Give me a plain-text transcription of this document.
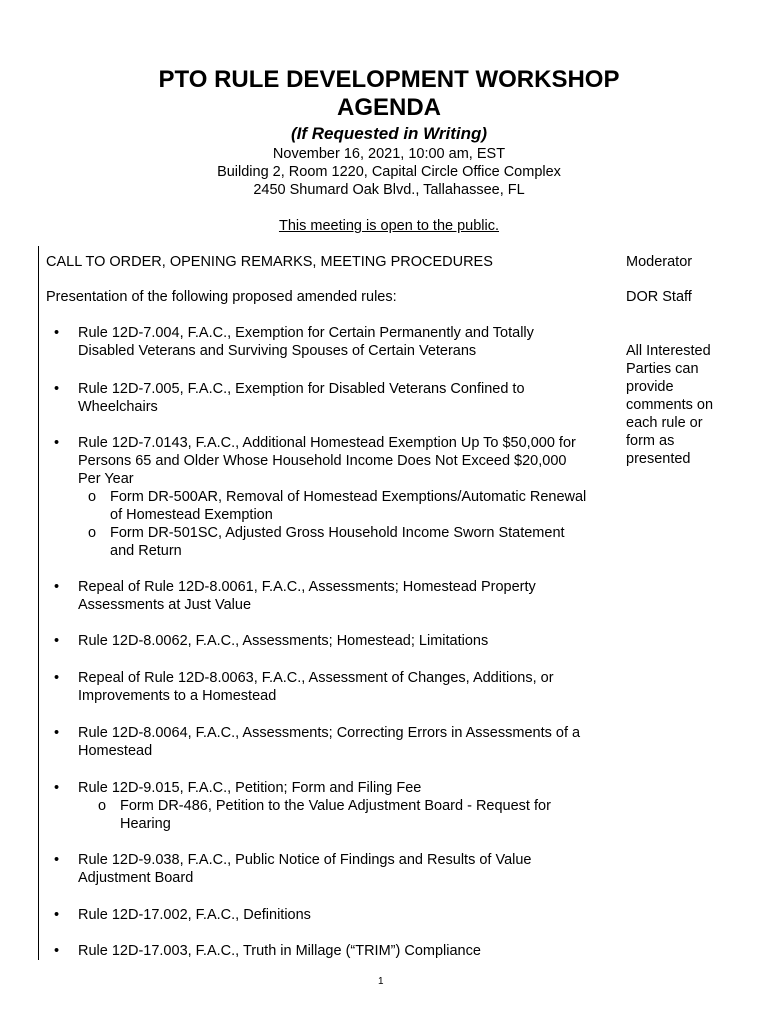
PTO RULE DEVELOPMENT WORKSHOP
AGENDA
(If Requested in Writing)
November 16, 2021, 10:00 am, EST
Building 2, Room 1220, Capital Circle Office Complex
2450 Shumard Oak Blvd., Tallahassee, FL
This meeting is open to the public.
CALL TO ORDER, OPENING REMARKS, MEETING PROCEDURES	Moderator
Presentation of the following proposed amended rules:	DOR Staff
All Interested
Parties can
provide
comments on
each rule or
form as
presented
•	Rule 12D-7.004, F.A.C., Exemption for Certain Permanently and Totally
Disabled Veterans and Surviving Spouses of Certain Veterans
•	Rule 12D-7.005, F.A.C., Exemption for Disabled Veterans Confined to
Wheelchairs
•	Rule 12D-7.0143, F.A.C., Additional Homestead Exemption Up To $50,000 for
Persons 65 and Older Whose Household Income Does Not Exceed $20,000
Per Year
o Form DR-500AR, Removal of Homestead Exemptions/Automatic Renewal
of Homestead Exemption
o Form DR-501SC, Adjusted Gross Household Income Sworn Statement
and Return
•	Repeal of Rule 12D-8.0061, F.A.C., Assessments; Homestead Property
Assessments at Just Value
•	Rule 12D-8.0062, F.A.C., Assessments; Homestead; Limitations
•	Repeal of Rule 12D-8.0063, F.A.C., Assessment of Changes, Additions, or
Improvements to a Homestead
•	Rule 12D-8.0064, F.A.C., Assessments; Correcting Errors in Assessments of a
Homestead
•	Rule 12D-9.015, F.A.C., Petition; Form and Filing Fee
o Form DR-486, Petition to the Value Adjustment Board - Request for
Hearing
•	Rule 12D-9.038, F.A.C., Public Notice of Findings and Results of Value
Adjustment Board
•	Rule 12D-17.002, F.A.C., Definitions
•	Rule 12D-17.003, F.A.C., Truth in Millage (“TRIM”) Compliance
1
